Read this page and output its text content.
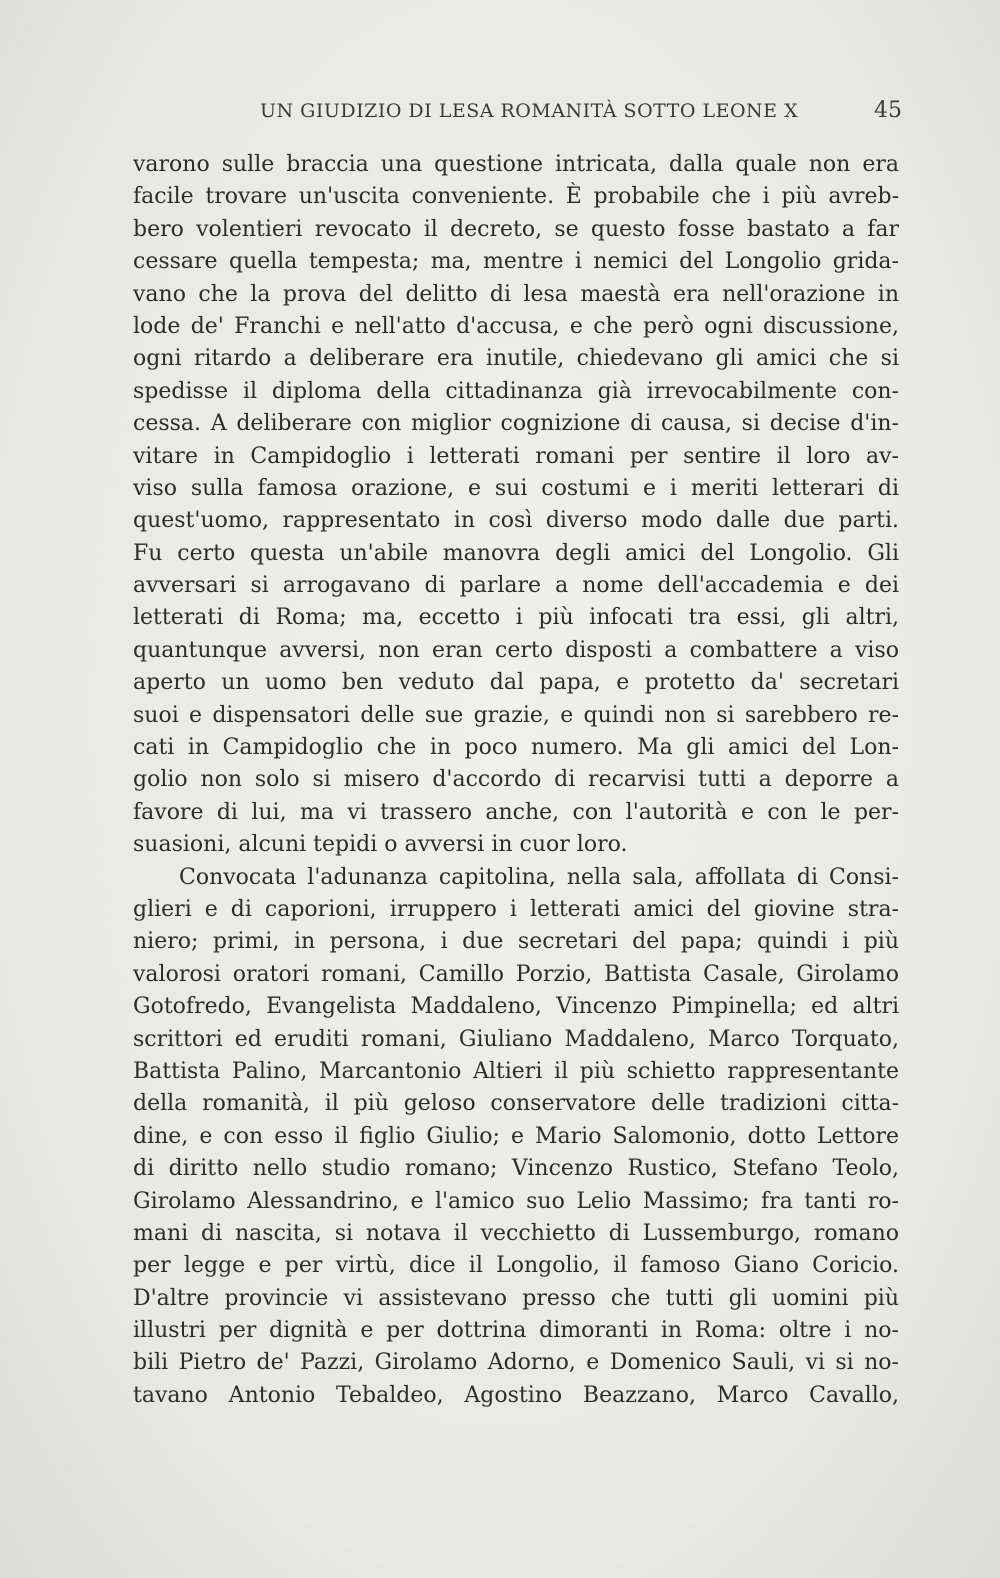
UN GIUDIZIO DI LESA ROMANITÀ SOTTO LEONE X	45
varono sulle braccia una questione intricata, dalla quale non era
facile trovare un'uscita conveniente. È probabile che i più avreb-
bero volentieri revocato il decreto, se questo fosse bastato a far
cessare quella tempesta; ma, mentre i nemici del Longolio grida-
vano che la prova del delitto di lesa maestà era nell'orazione in
lode de' Franchi e nell'atto d'accusa, e che però ogni discussione,
ogni ritardo a deliberare era inutile, chiedevano gli amici che si
spedisse il diploma della cittadinanza già irrevocabilmente con-
cessa. A deliberare con miglior cognizione di causa, si decise d'in-
vitare in Campidoglio i letterati romani per sentire il loro av-
viso sulla famosa orazione, e sui costumi e i meriti letterari di
quest'uomo, rappresentato in così diverso modo dalle due parti.
Fu certo questa un'abile manovra degli amici del Longolio. Gli
avversari si arrogavano di parlare a nome dell'accademia e dei
letterati di Roma; ma, eccetto i più infocati tra essi, gli altri,
quantunque avversi, non eran certo disposti a combattere a viso
aperto un uomo ben veduto dal papa, e protetto da' secretari
suoi e dispensatori delle sue grazie, e quindi non si sarebbero re-
cati in Campidoglio che in poco numero. Ma gli amici del Lon-
golio non solo si misero d'accordo di recarvisi tutti a deporre a
favore di lui, ma vi trassero anche, con l'autorità e con le per-
suasioni, alcuni tepidi o avversi in cuor loro.
Convocata l'adunanza capitolina, nella sala, affollata di Consi-
glieri e di caporioni, irruppero i letterati amici del giovine stra-
niero; primi, in persona, i due secretari del papa; quindi i più
valorosi oratori romani, Camillo Porzio, Battista Casale, Girolamo
Gotofredo, Evangelista Maddaleno, Vincenzo Pimpinella; ed altri
scrittori ed eruditi romani, Giuliano Maddaleno, Marco Torquato,
Battista Palino, Marcantonio Altieri il più schietto rappresentante
della romanità, il più geloso conservatore delle tradizioni citta-
dine, e con esso il figlio Giulio; e Mario Salomonio, dotto Lettore
di diritto nello studio romano; Vincenzo Rustico, Stefano Teolo,
Girolamo Alessandrino, e l'amico suo Lelio Massimo; fra tanti ro-
mani di nascita, si notava il vecchietto di Lussemburgo, romano
per legge e per virtù, dice il Longolio, il famoso Giano Coricio.
D'altre provincie vi assistevano presso che tutti gli uomini più
illustri per dignità e per dottrina dimoranti in Roma: oltre i no-
bili Pietro de' Pazzi, Girolamo Adorno, e Domenico Sauli, vi si no-
tavano Antonio Tebaldeo, Agostino Beazzano, Marco Cavallo,
